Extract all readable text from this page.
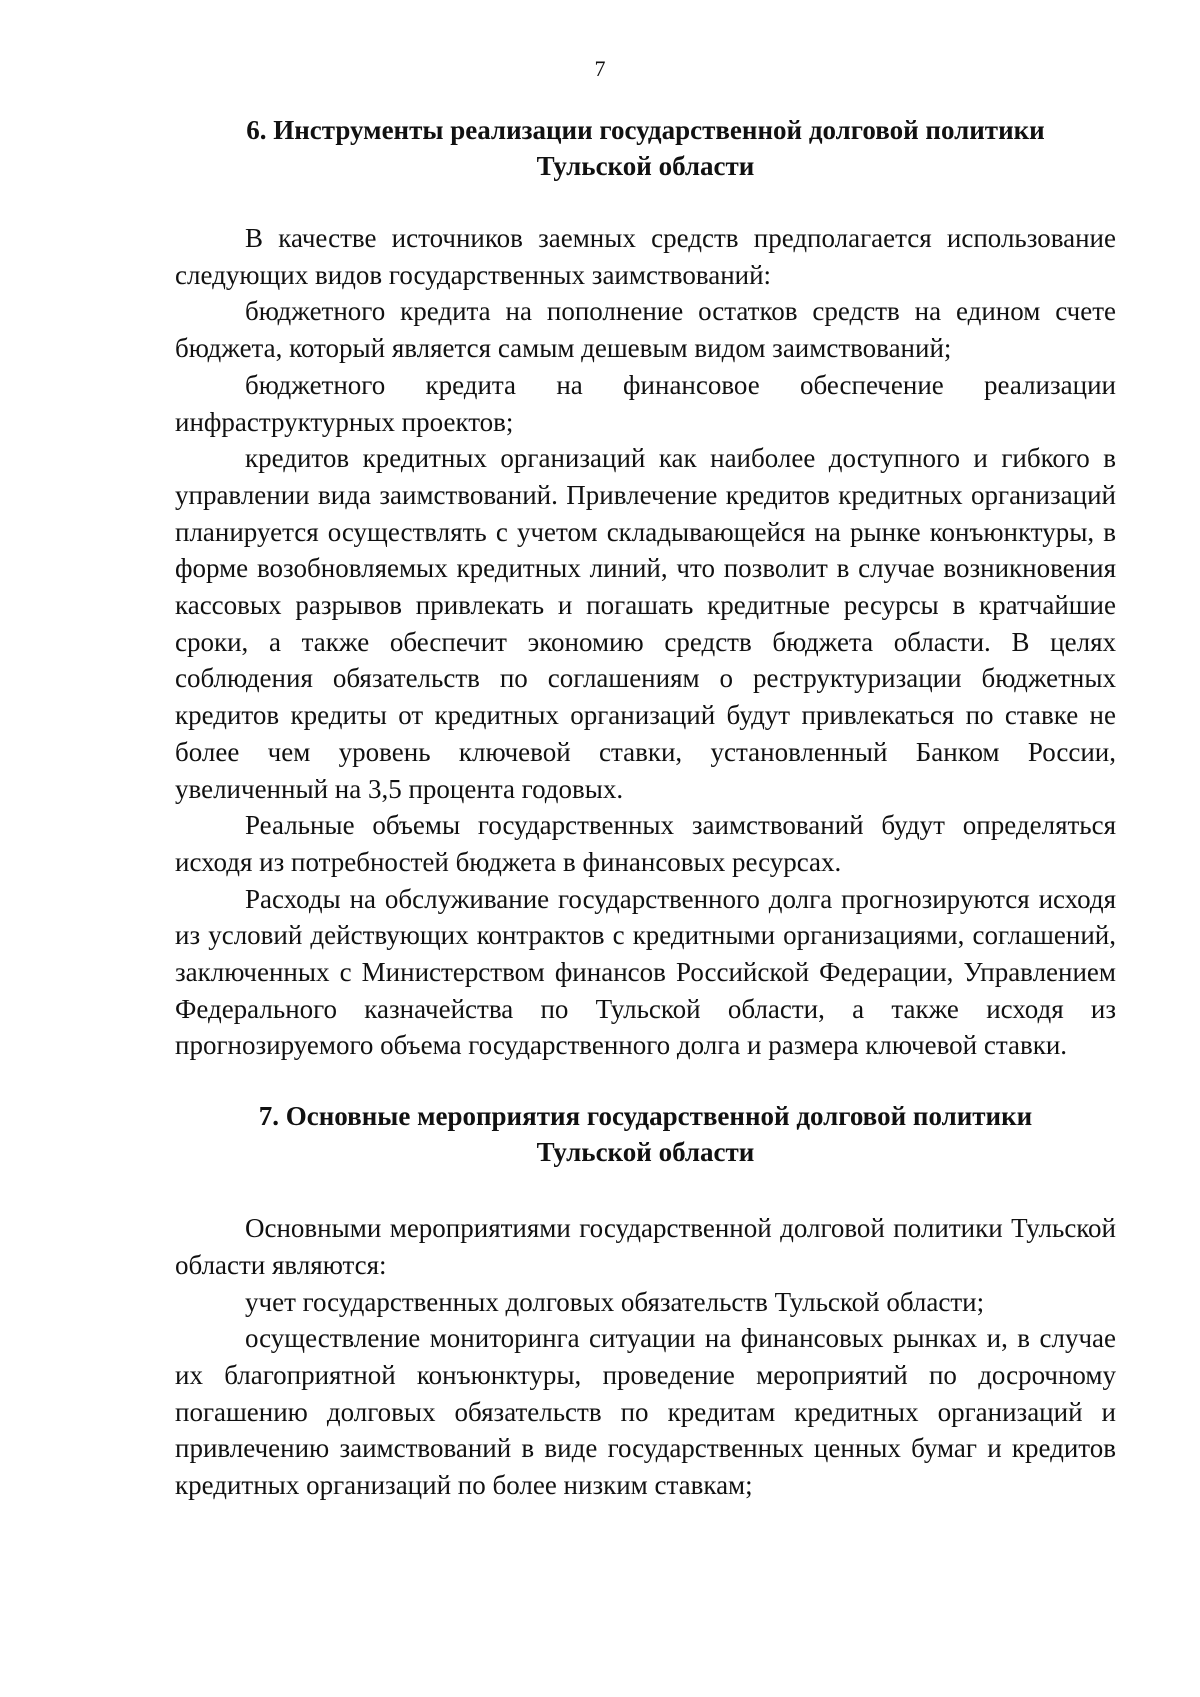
7
6. Инструменты реализации государственной долговой политики
Тульской области

В качестве источников заемных средств предполагается использование следующих видов государственных заимствований:

бюджетного кредита на пополнение остатков средств на едином счете бюджета, который является самым дешевым видом заимствований;

бюджетного кредита на финансовое обеспечение реализации инфраструктурных проектов;

кредитов кредитных организаций как наиболее доступного и гибкого в управлении вида заимствований. Привлечение кредитов кредитных организаций планируется осуществлять с учетом складывающейся на рынке конъюнктуры, в форме возобновляемых кредитных линий, что позволит в случае возникновения кассовых разрывов привлекать и погашать кредитные ресурсы в кратчайшие сроки, а также обеспечит экономию средств бюджета области. В целях соблюдения обязательств по соглашениям о реструктуризации бюджетных кредитов кредиты от кредитных организаций будут привлекаться по ставке не более чем уровень ключевой ставки, установленный Банком России, увеличенный на 3,5 процента годовых.

Реальные объемы государственных заимствований будут определяться исходя из потребностей бюджета в финансовых ресурсах.

Расходы на обслуживание государственного долга прогнозируются исходя из условий действующих контрактов с кредитными организациями, соглашений, заключенных с Министерством финансов Российской Федерации, Управлением Федерального казначейства по Тульской области, а также исходя из прогнозируемого объема государственного долга и размера ключевой ставки.

7. Основные мероприятия государственной долговой политики
Тульской области

Основными мероприятиями государственной долговой политики Тульской области являются:

учет государственных долговых обязательств Тульской области;

осуществление мониторинга ситуации на финансовых рынках и, в случае их благоприятной конъюнктуры, проведение мероприятий по досрочному погашению долговых обязательств по кредитам кредитных организаций и привлечению заимствований в виде государственных ценных бумаг и кредитов кредитных организаций по более низким ставкам;
